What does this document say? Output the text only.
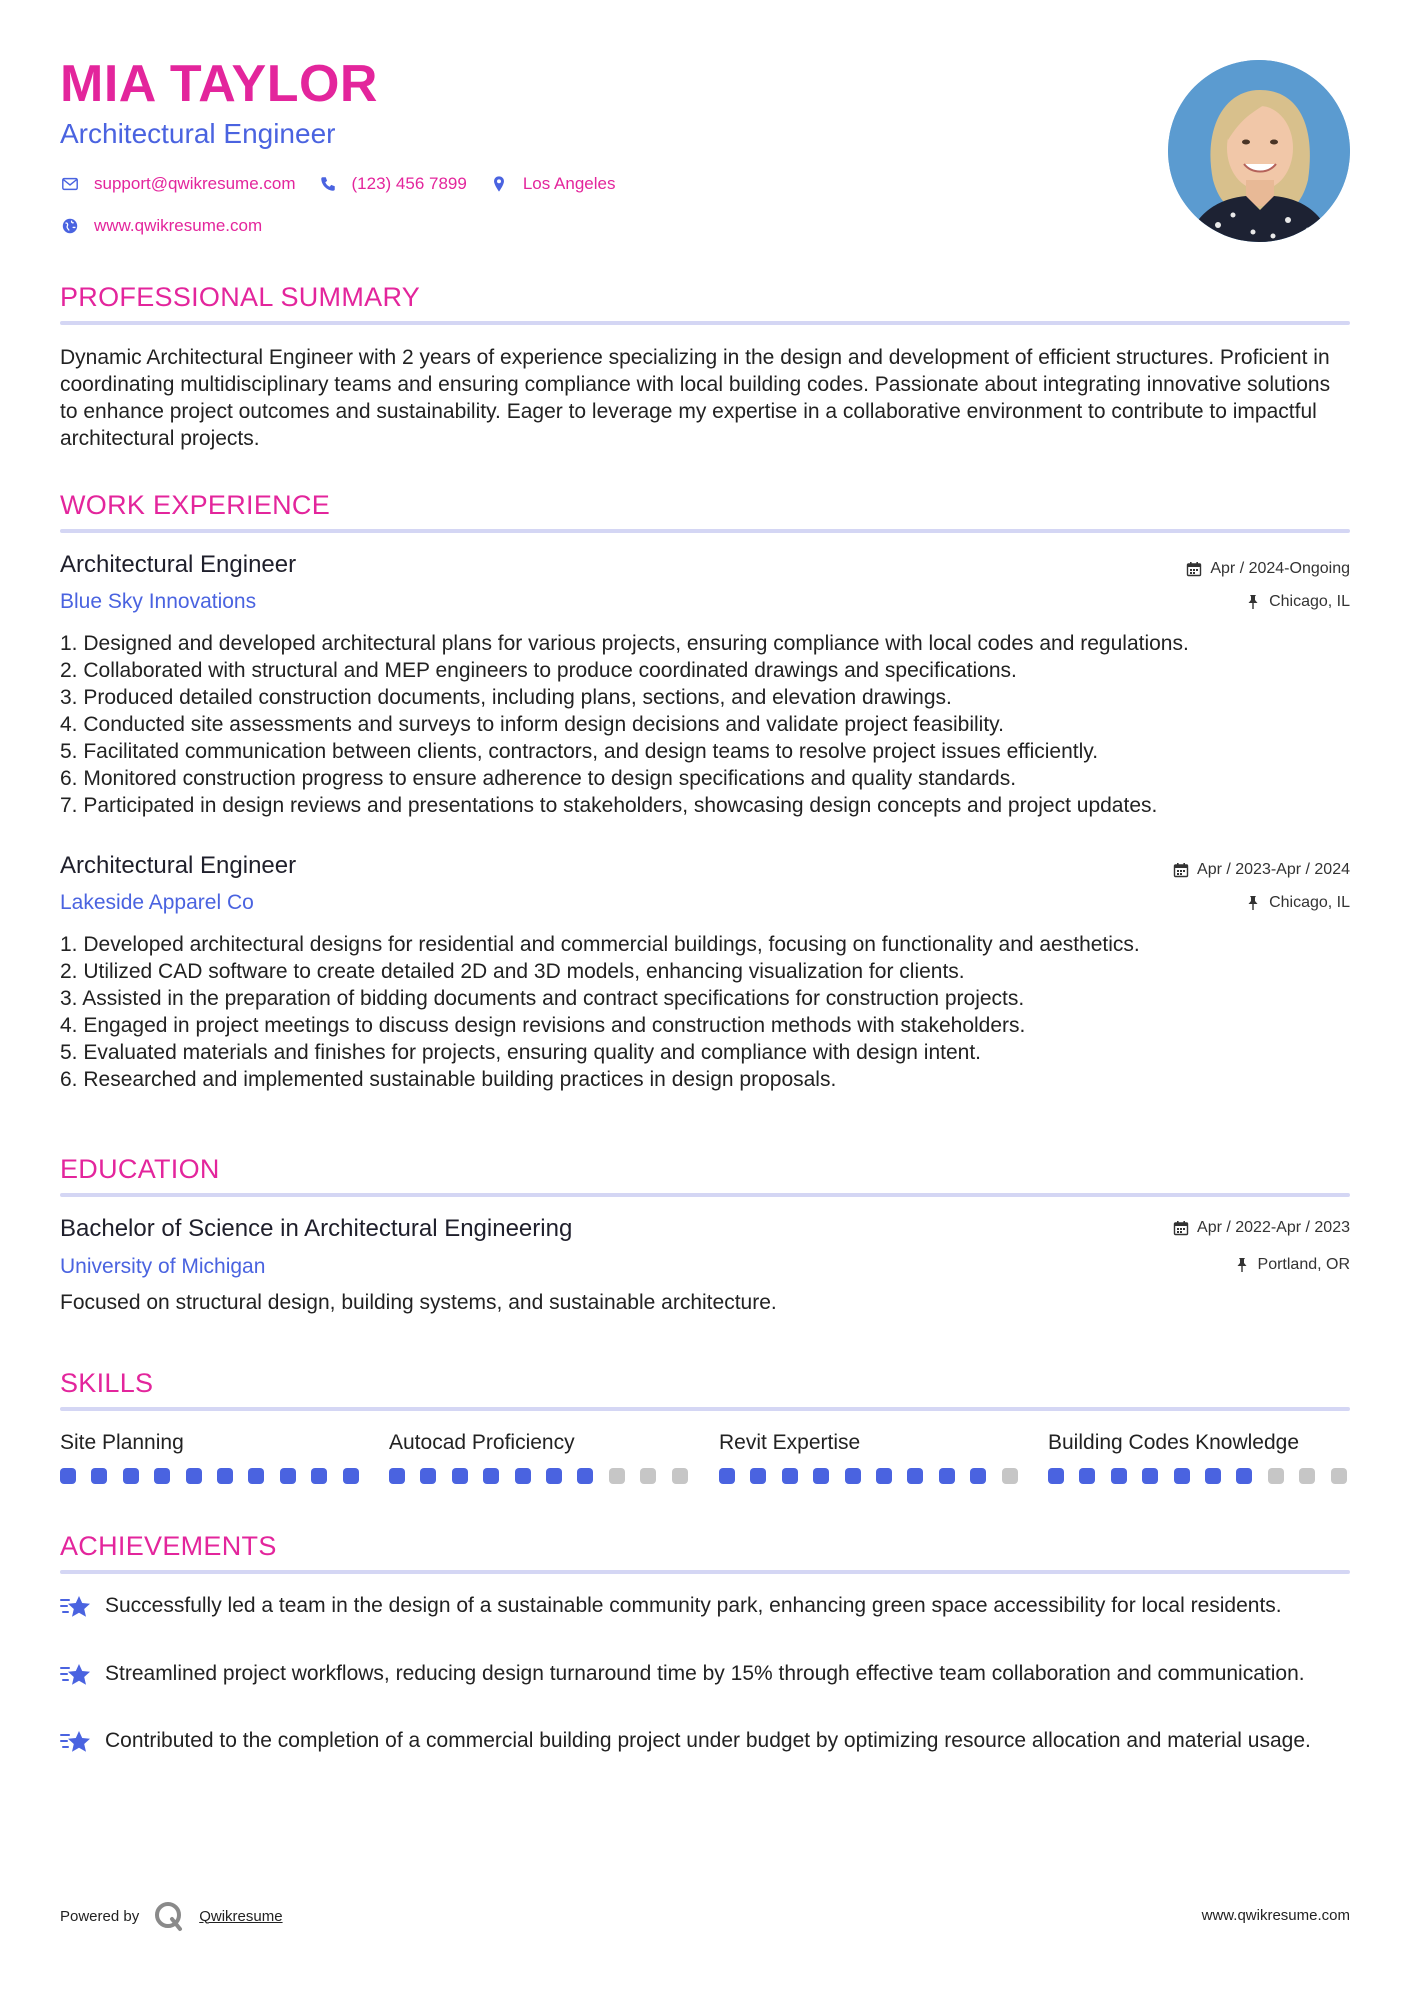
MIA TAYLOR
Architectural Engineer
support@qwikresume.com	(123) 456 7899	Los Angeles
www.qwikresume.com
PROFESSIONAL SUMMARY
Dynamic Architectural Engineer with 2 years of experience specializing in the design and development of efficient structures. Proficient in coordinating multidisciplinary teams and ensuring compliance with local building codes. Passionate about integrating innovative solutions to enhance project outcomes and sustainability. Eager to leverage my expertise in a collaborative environment to contribute to impactful architectural projects.
WORK EXPERIENCE
Architectural Engineer
Blue Sky Innovations
Apr / 2024-Ongoing
Chicago, IL
1. Designed and developed architectural plans for various projects, ensuring compliance with local codes and regulations.
2. Collaborated with structural and MEP engineers to produce coordinated drawings and specifications.
3. Produced detailed construction documents, including plans, sections, and elevation drawings.
4. Conducted site assessments and surveys to inform design decisions and validate project feasibility.
5. Facilitated communication between clients, contractors, and design teams to resolve project issues efficiently.
6. Monitored construction progress to ensure adherence to design specifications and quality standards.
7. Participated in design reviews and presentations to stakeholders, showcasing design concepts and project updates.
Architectural Engineer
Lakeside Apparel Co
Apr / 2023-Apr / 2024
Chicago, IL
1. Developed architectural designs for residential and commercial buildings, focusing on functionality and aesthetics.
2. Utilized CAD software to create detailed 2D and 3D models, enhancing visualization for clients.
3. Assisted in the preparation of bidding documents and contract specifications for construction projects.
4. Engaged in project meetings to discuss design revisions and construction methods with stakeholders.
5. Evaluated materials and finishes for projects, ensuring quality and compliance with design intent.
6. Researched and implemented sustainable building practices in design proposals.
EDUCATION
Bachelor of Science in Architectural Engineering
University of Michigan
Apr / 2022-Apr / 2023
Portland, OR
Focused on structural design, building systems, and sustainable architecture.
SKILLS
Site Planning	Autocad Proficiency	Revit Expertise	Building Codes Knowledge
ACHIEVEMENTS
Successfully led a team in the design of a sustainable community park, enhancing green space accessibility for local residents.
Streamlined project workflows, reducing design turnaround time by 15% through effective team collaboration and communication.
Contributed to the completion of a commercial building project under budget by optimizing resource allocation and material usage.
Powered by	Qwikresume	www.qwikresume.com
